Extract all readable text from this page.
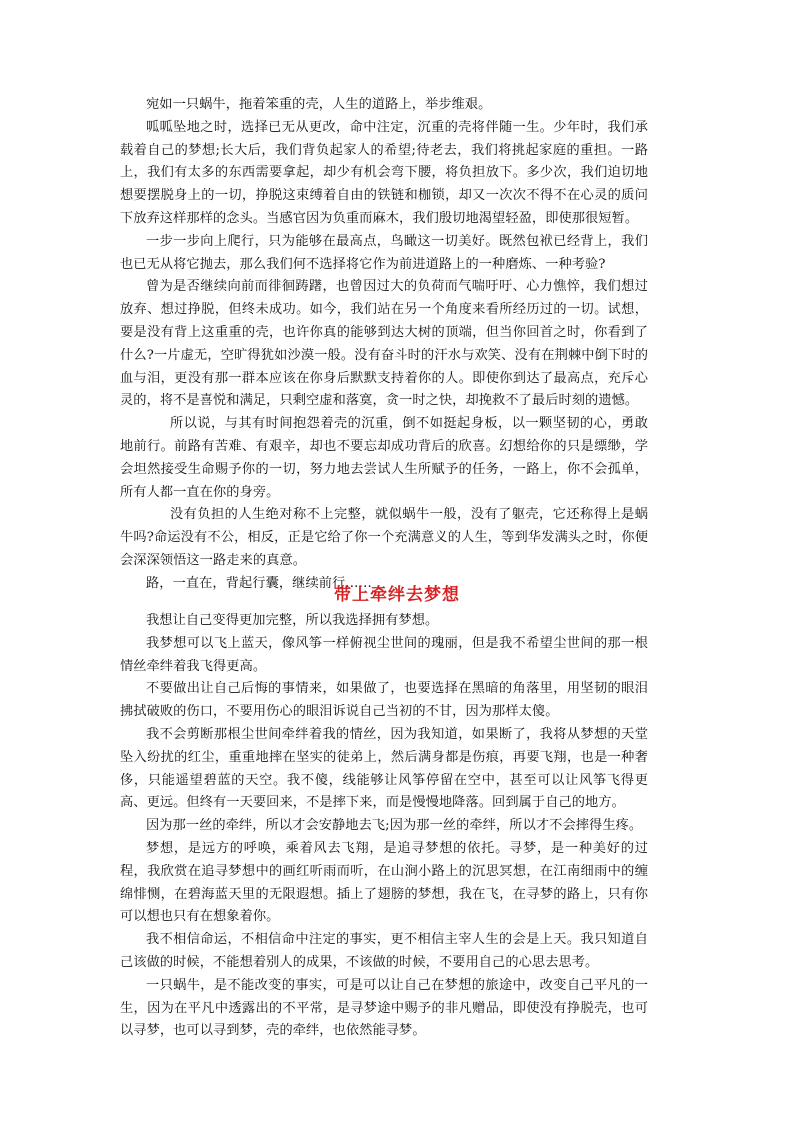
宛如一只蜗牛，拖着笨重的壳，人生的道路上，举步维艰。

呱呱坠地之时，选择已无从更改，命中注定，沉重的壳将伴随一生。少年时，我们承载着自己的梦想;长大后，我们背负起家人的希望;待老去，我们将挑起家庭的重担。一路上，我们有太多的东西需要拿起，却少有机会弯下腰，将负担放下。多少次，我们迫切地想要摆脱身上的一切，挣脱这束缚着自由的铁链和枷锁，却又一次次不得不在心灵的质问下放弃这样那样的念头。当感官因为负重而麻木，我们殷切地渴望轻盈，即使那很短暂。

一步一步向上爬行，只为能够在最高点，鸟瞰这一切美好。既然包袱已经背上，我们也已无从将它抛去，那么我们何不选择将它作为前进道路上的一种磨炼、一种考验?

曾为是否继续向前而徘徊踌躇，也曾因过大的负荷而气喘吁吁、心力憔悴，我们想过放弃、想过挣脱，但终未成功。如今，我们站在另一个角度来看所经历过的一切。试想，要是没有背上这重重的壳，也许你真的能够到达大树的顶端，但当你回首之时，你看到了什么?一片虚无，空旷得犹如沙漠一般。没有奋斗时的汗水与欢笑、没有在荆棘中倒下时的血与泪，更没有那一群本应该在你身后默默支持着你的人。即使你到达了最高点，充斥心灵的，将不是喜悦和满足，只剩空虚和落寞，贪一时之快，却挽救不了最后时刻的遗憾。

所以说，与其有时间抱怨着壳的沉重，倒不如挺起身板，以一颗坚韧的心，勇敢地前行。前路有苦难、有艰辛，却也不要忘却成功背后的欣喜。幻想给你的只是缥缈，学会坦然接受生命赐予你的一切，努力地去尝试人生所赋予的任务，一路上，你不会孤单，所有人都一直在你的身旁。

没有负担的人生绝对称不上完整，就似蜗牛一般，没有了躯壳，它还称得上是蜗牛吗?命运没有不公，相反，正是它给了你一个充满意义的人生，等到华发满头之时，你便会深深领悟这一路走来的真意。

路，一直在，背起行囊，继续前行……

带上牵绊去梦想

我想让自己变得更加完整，所以我选择拥有梦想。

我梦想可以飞上蓝天，像风筝一样俯视尘世间的瑰丽，但是我不希望尘世间的那一根情丝牵绊着我飞得更高。

不要做出让自己后悔的事情来，如果做了，也要选择在黑暗的角落里，用坚韧的眼泪拂拭破败的伤口，不要用伤心的眼泪诉说自己当初的不甘，因为那样太傻。

我不会剪断那根尘世间牵绊着我的情丝，因为我知道，如果断了，我将从梦想的天堂坠入纷扰的红尘，重重地摔在坚实的徒弟上，然后满身都是伤痕，再要飞翔，也是一种奢侈，只能遥望碧蓝的天空。我不傻，线能够让风筝停留在空中，甚至可以让风筝飞得更高、更远。但终有一天要回来，不是摔下来，而是慢慢地降落。回到属于自己的地方。

因为那一丝的牵绊，所以才会安静地去飞;因为那一丝的牵绊，所以才不会摔得生疼。

梦想，是远方的呼唤，乘着风去飞翔，是追寻梦想的依托。寻梦，是一种美好的过程，我欣赏在追寻梦想中的画红听雨而听，在山涧小路上的沉思冥想，在江南细雨中的缠绵悱恻，在碧海蓝天里的无限遐想。插上了翅膀的梦想，我在飞，在寻梦的路上，只有你可以想也只有在想象着你。

我不相信命运，不相信命中注定的事实，更不相信主宰人生的会是上天。我只知道自己该做的时候，不能想着别人的成果，不该做的时候，不要用自己的心思去思考。

一只蜗牛，是不能改变的事实，可是可以让自己在梦想的旅途中，改变自己平凡的一生，因为在平凡中透露出的不平常，是寻梦途中赐予的非凡赠品，即使没有挣脱壳，也可以寻梦，也可以寻到梦，壳的牵绊，也依然能寻梦。
